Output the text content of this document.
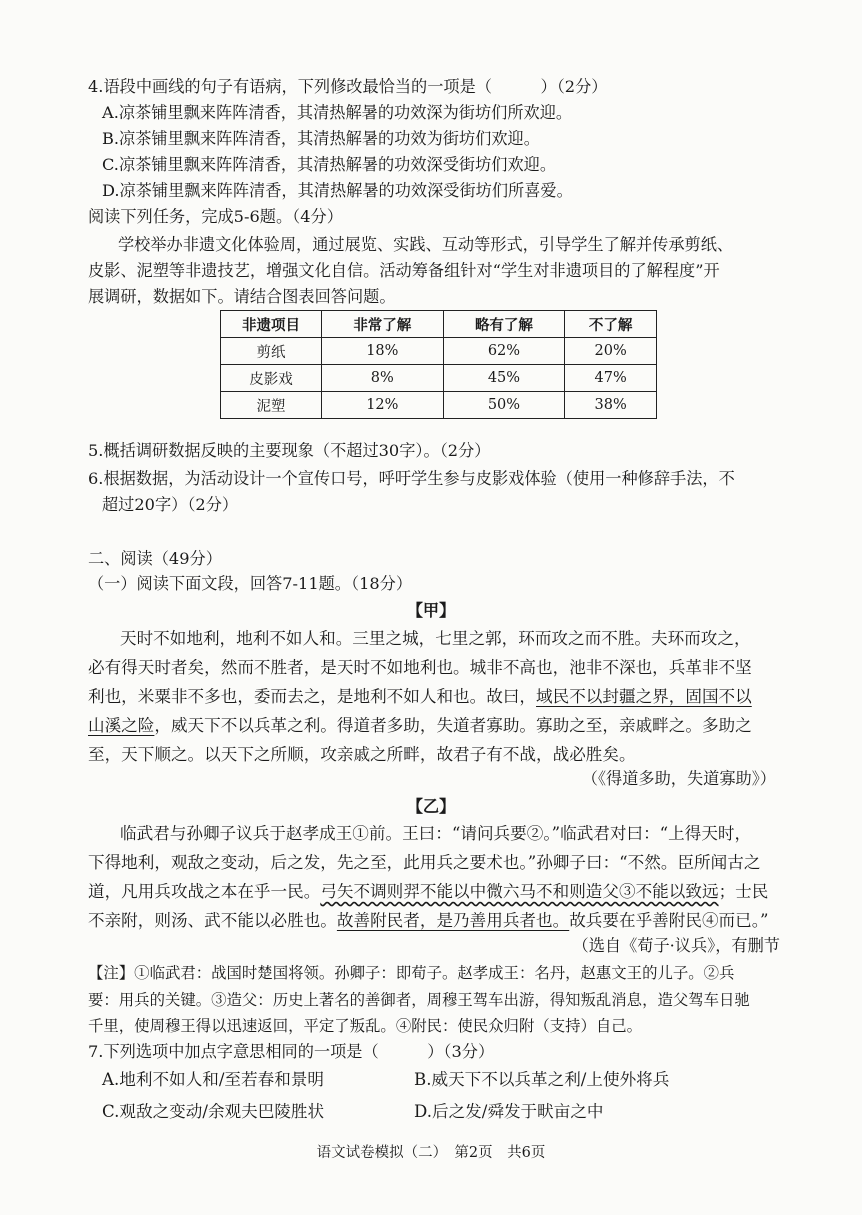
4.语段中画线的句子有语病，下列修改最恰当的一项是（　　　）（2分）
A.凉茶铺里飘来阵阵清香，其清热解暑的功效深为街坊们所欢迎。
B.凉茶铺里飘来阵阵清香，其清热解暑的功效为街坊们欢迎。
C.凉茶铺里飘来阵阵清香，其清热解暑的功效深受街坊们欢迎。
D.凉茶铺里飘来阵阵清香，其清热解暑的功效深受街坊们所喜爱。
阅读下列任务，完成5-6题。（4分）
学校举办非遗文化体验周，通过展览、实践、互动等形式，引导学生了解并传承剪纸、
皮影、泥塑等非遗技艺，增强文化自信。活动筹备组针对“学生对非遗项目的了解程度”开
展调研，数据如下。请结合图表回答问题。
非遗项目	非常了解	略有了解	不了解
剪纸	18%	62%	20%
皮影戏	8%	45%	47%
泥塑	12%	50%	38%
5.概括调研数据反映的主要现象（不超过30字）。（2分）
6.根据数据，为活动设计一个宣传口号，呼吁学生参与皮影戏体验（使用一种修辞手法，不
超过20字）（2分）
二、阅读（49分）
（一）阅读下面文段，回答7-11题。（18分）
【甲】
天时不如地利，地利不如人和。三里之城，七里之郭，环而攻之而不胜。夫环而攻之，
必有得天时者矣，然而不胜者，是天时不如地利也。城非不高也，池非不深也，兵革非不坚
利也，米粟非不多也，委而去之，是地利不如人和也。故曰，域民不以封疆之界，固国不以
山溪之险，威天下不以兵革之利。得道者多助，失道者寡助。寡助之至，亲戚畔之。多助之
至，天下顺之。以天下之所顺，攻亲戚之所畔，故君子有不战，战必胜矣。
（《得道多助，失道寡助》）
【乙】
临武君与孙卿子议兵于赵孝成王①前。王曰：“请问兵要②。”临武君对曰：“上得天时，
下得地利，观敌之变动，后之发，先之至，此用兵之要术也。”孙卿子曰：“不然。臣所闻古之
道，凡用兵攻战之本在乎一民。弓矢不调则羿不能以中微六马不和则造父③不能以致远；士民
不亲附，则汤、武不能以必胜也。故善附民者，是乃善用兵者也。故兵要在乎善附民④而已。”
（选自《荀子·议兵》，有删节
【注】①临武君：战国时楚国将领。孙卿子：即荀子。赵孝成王：名丹，赵惠文王的儿子。②兵
要：用兵的关键。③造父：历史上著名的善御者，周穆王驾车出游，得知叛乱消息，造父驾车日驰
千里，使周穆王得以迅速返回，平定了叛乱。④附民：使民众归附（支持）自己。
7.下列选项中加点字意思相同的一项是（　　　）（3分）
A.地利不如人和/至若春和景明	B.威天下不以兵革之利/上使外将兵
C.观敌之变动/余观夫巴陵胜状	D.后之发/舜发于畎亩之中
语文试卷模拟（二）　第2页　共6页
